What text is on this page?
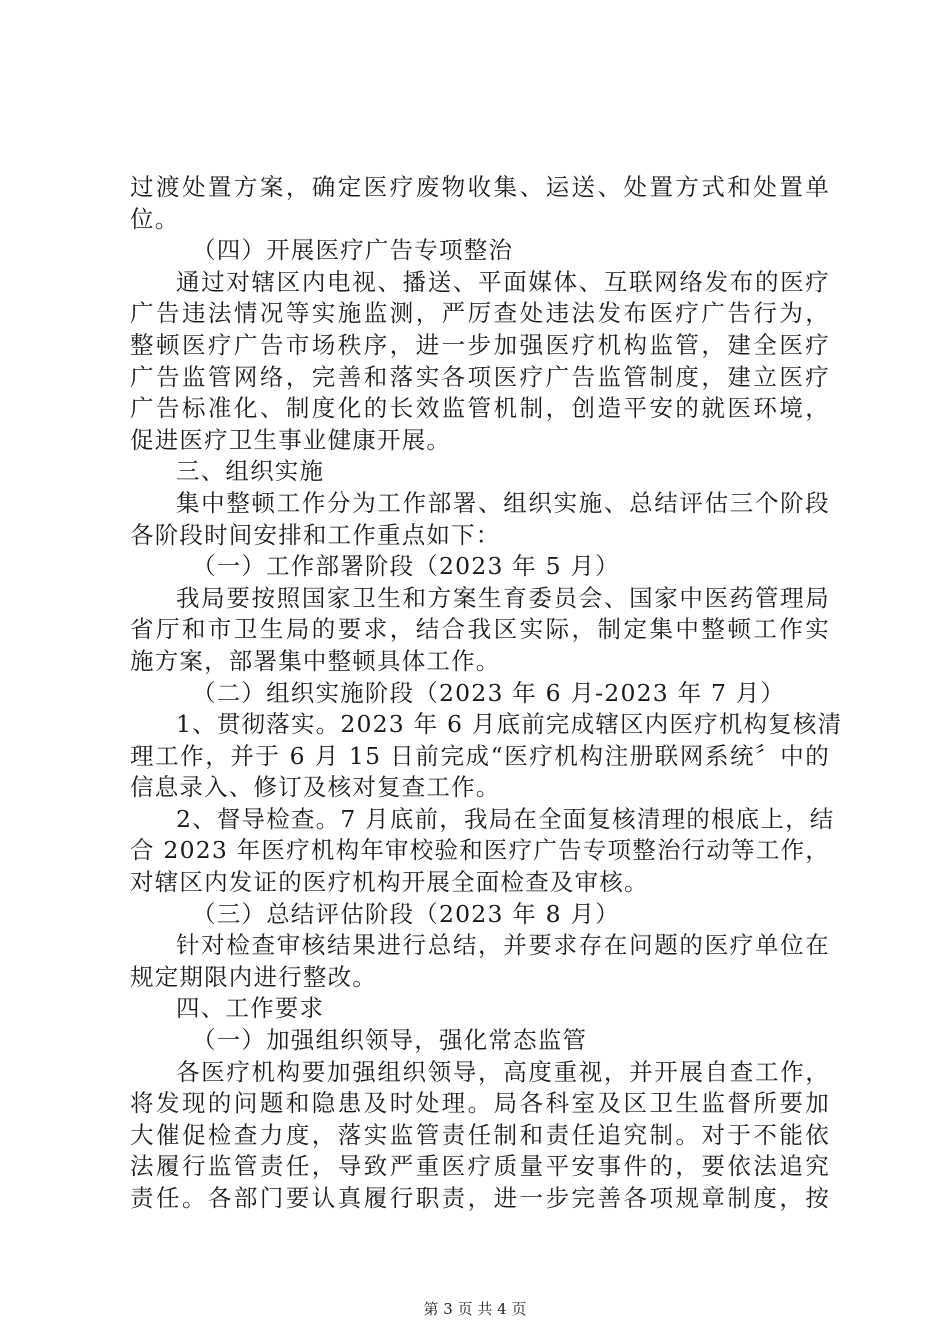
过渡处置方案，确定医疗废物收集、运送、处置方式和处置单
位。
（四）开展医疗广告专项整治
通过对辖区内电视、播送、平面媒体、互联网络发布的医疗
广告违法情况等实施监测，严厉查处违法发布医疗广告行为，
整顿医疗广告市场秩序，进一步加强医疗机构监管，建全医疗
广告监管网络，完善和落实各项医疗广告监管制度，建立医疗
广告标准化、制度化的长效监管机制，创造平安的就医环境，
促进医疗卫生事业健康开展。
三、组织实施
集中整顿工作分为工作部署、组织实施、总结评估三个阶段
各阶段时间安排和工作重点如下：
（一）工作部署阶段（2023 年 5 月）
我局要按照国家卫生和方案生育委员会、国家中医药管理局
省厅和市卫生局的要求，结合我区实际，制定集中整顿工作实
施方案，部署集中整顿具体工作。
（二）组织实施阶段（2023 年 6 月-2023 年 7 月）
1、贯彻落实。2023 年 6 月底前完成辖区内医疗机构复核清
理工作，并于 6 月 15 日前完成“医疗机构注册联网系统〞中的
信息录入、修订及核对复查工作。
2、督导检查。7 月底前，我局在全面复核清理的根底上，结
合 2023 年医疗机构年审校验和医疗广告专项整治行动等工作，
对辖区内发证的医疗机构开展全面检查及审核。
（三）总结评估阶段（2023 年 8 月）
针对检查审核结果进行总结，并要求存在问题的医疗单位在
规定期限内进行整改。
四、工作要求
（一）加强组织领导，强化常态监管
各医疗机构要加强组织领导，高度重视，并开展自查工作，
将发现的问题和隐患及时处理。局各科室及区卫生监督所要加
大催促检查力度，落实监管责任制和责任追究制。对于不能依
法履行监管责任，导致严重医疗质量平安事件的，要依法追究
责任。各部门要认真履行职责，进一步完善各项规章制度，按
第 3 页 共 4 页
